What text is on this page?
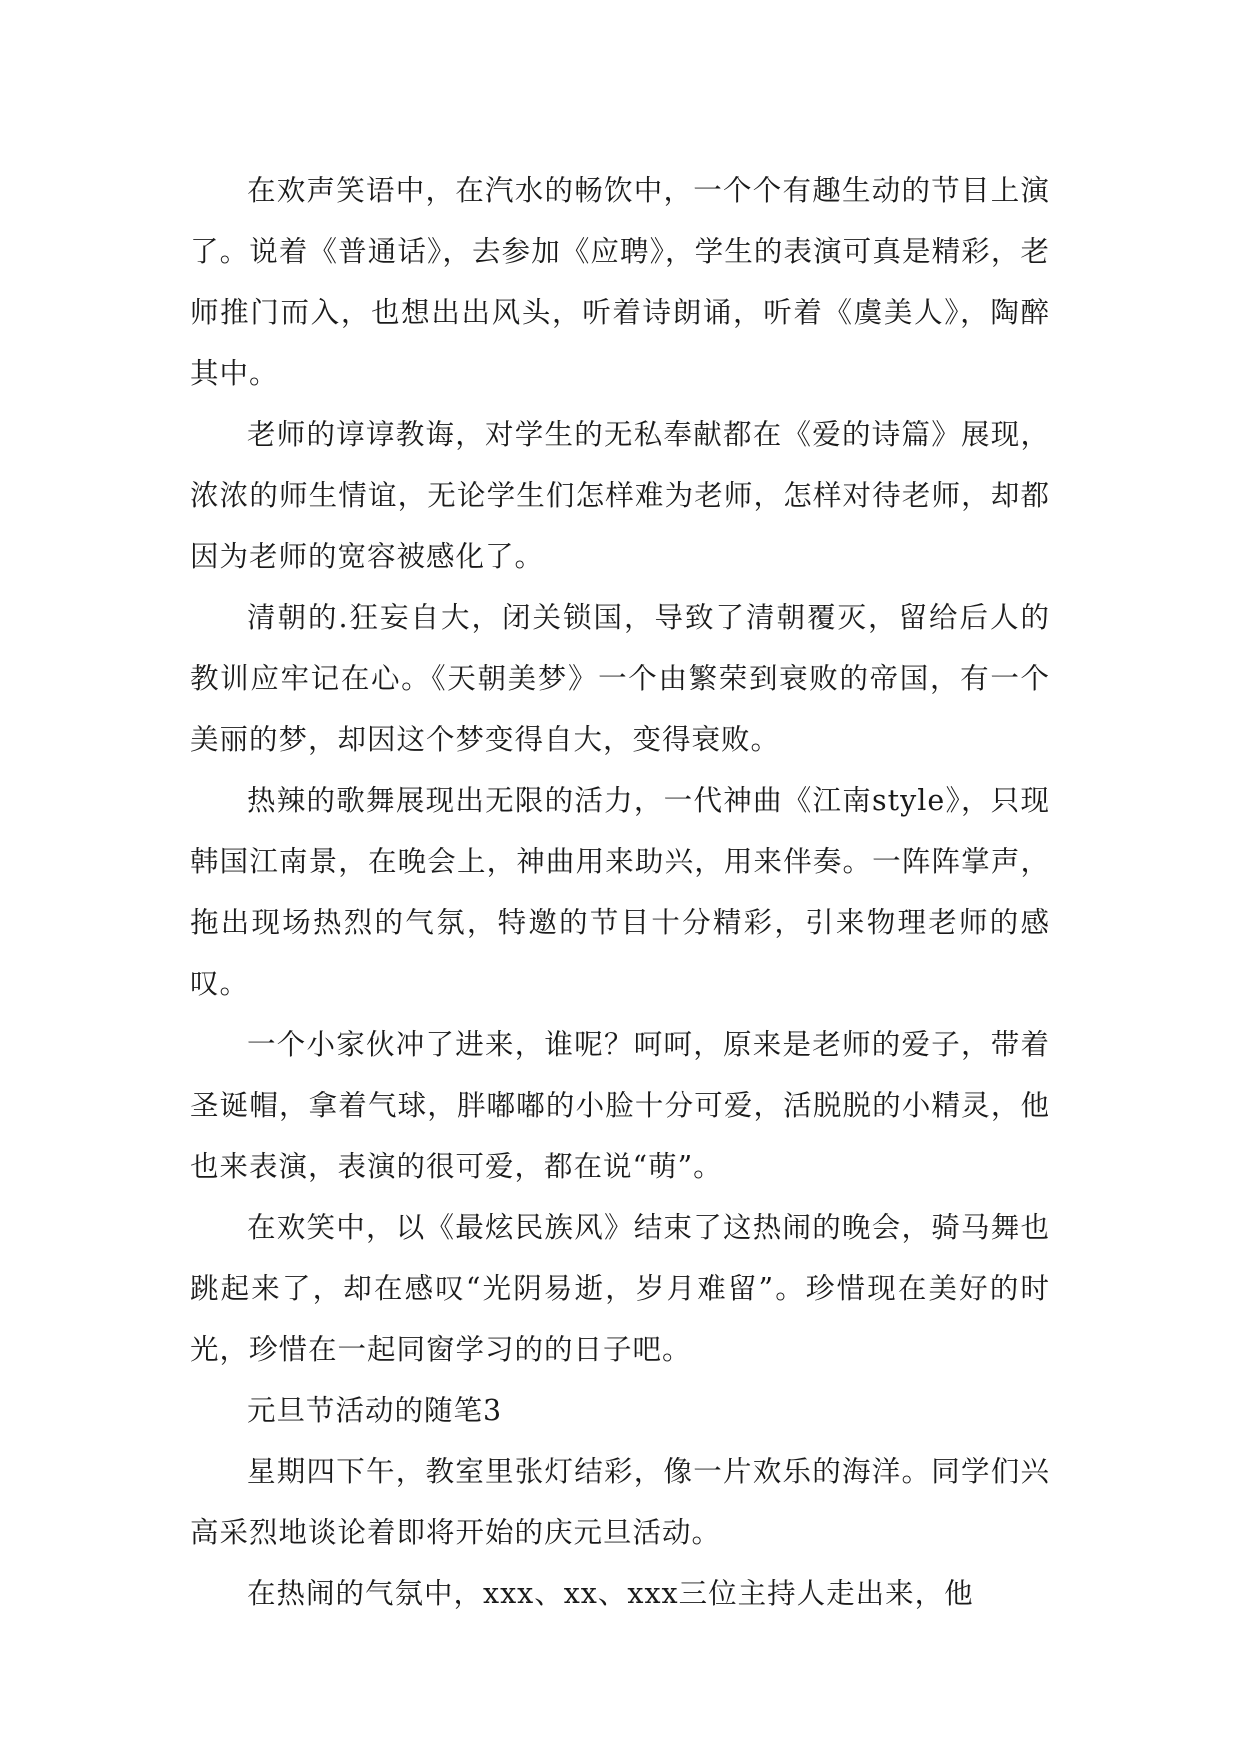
在欢声笑语中，在汽水的畅饮中，一个个有趣生动的节目上演了。说着《普通话》，去参加《应聘》，学生的表演可真是精彩，老师推门而入，也想出出风头，听着诗朗诵，听着《虞美人》，陶醉其中。

老师的谆谆教诲，对学生的无私奉献都在《爱的诗篇》展现，浓浓的师生情谊，无论学生们怎样难为老师，怎样对待老师，却都因为老师的宽容被感化了。

清朝的.狂妄自大，闭关锁国，导致了清朝覆灭，留给后人的教训应牢记在心。《天朝美梦》一个由繁荣到衰败的帝国，有一个美丽的梦，却因这个梦变得自大，变得衰败。

热辣的歌舞展现出无限的活力，一代神曲《江南style》，只现韩国江南景，在晚会上，神曲用来助兴，用来伴奏。一阵阵掌声，拖出现场热烈的气氛，特邀的节目十分精彩，引来物理老师的感叹。

一个小家伙冲了进来，谁呢？呵呵，原来是老师的爱子，带着圣诞帽，拿着气球，胖嘟嘟的小脸十分可爱，活脱脱的小精灵，他也来表演，表演的很可爱，都在说“萌”。

在欢笑中，以《最炫民族风》结束了这热闹的晚会，骑马舞也跳起来了，却在感叹“光阴易逝，岁月难留”。珍惜现在美好的时光，珍惜在一起同窗学习的的日子吧。

元旦节活动的随笔3

星期四下午，教室里张灯结彩，像一片欢乐的海洋。同学们兴高采烈地谈论着即将开始的庆元旦活动。

在热闹的气氛中，xxx、xx、xxx三位主持人走出来，他
